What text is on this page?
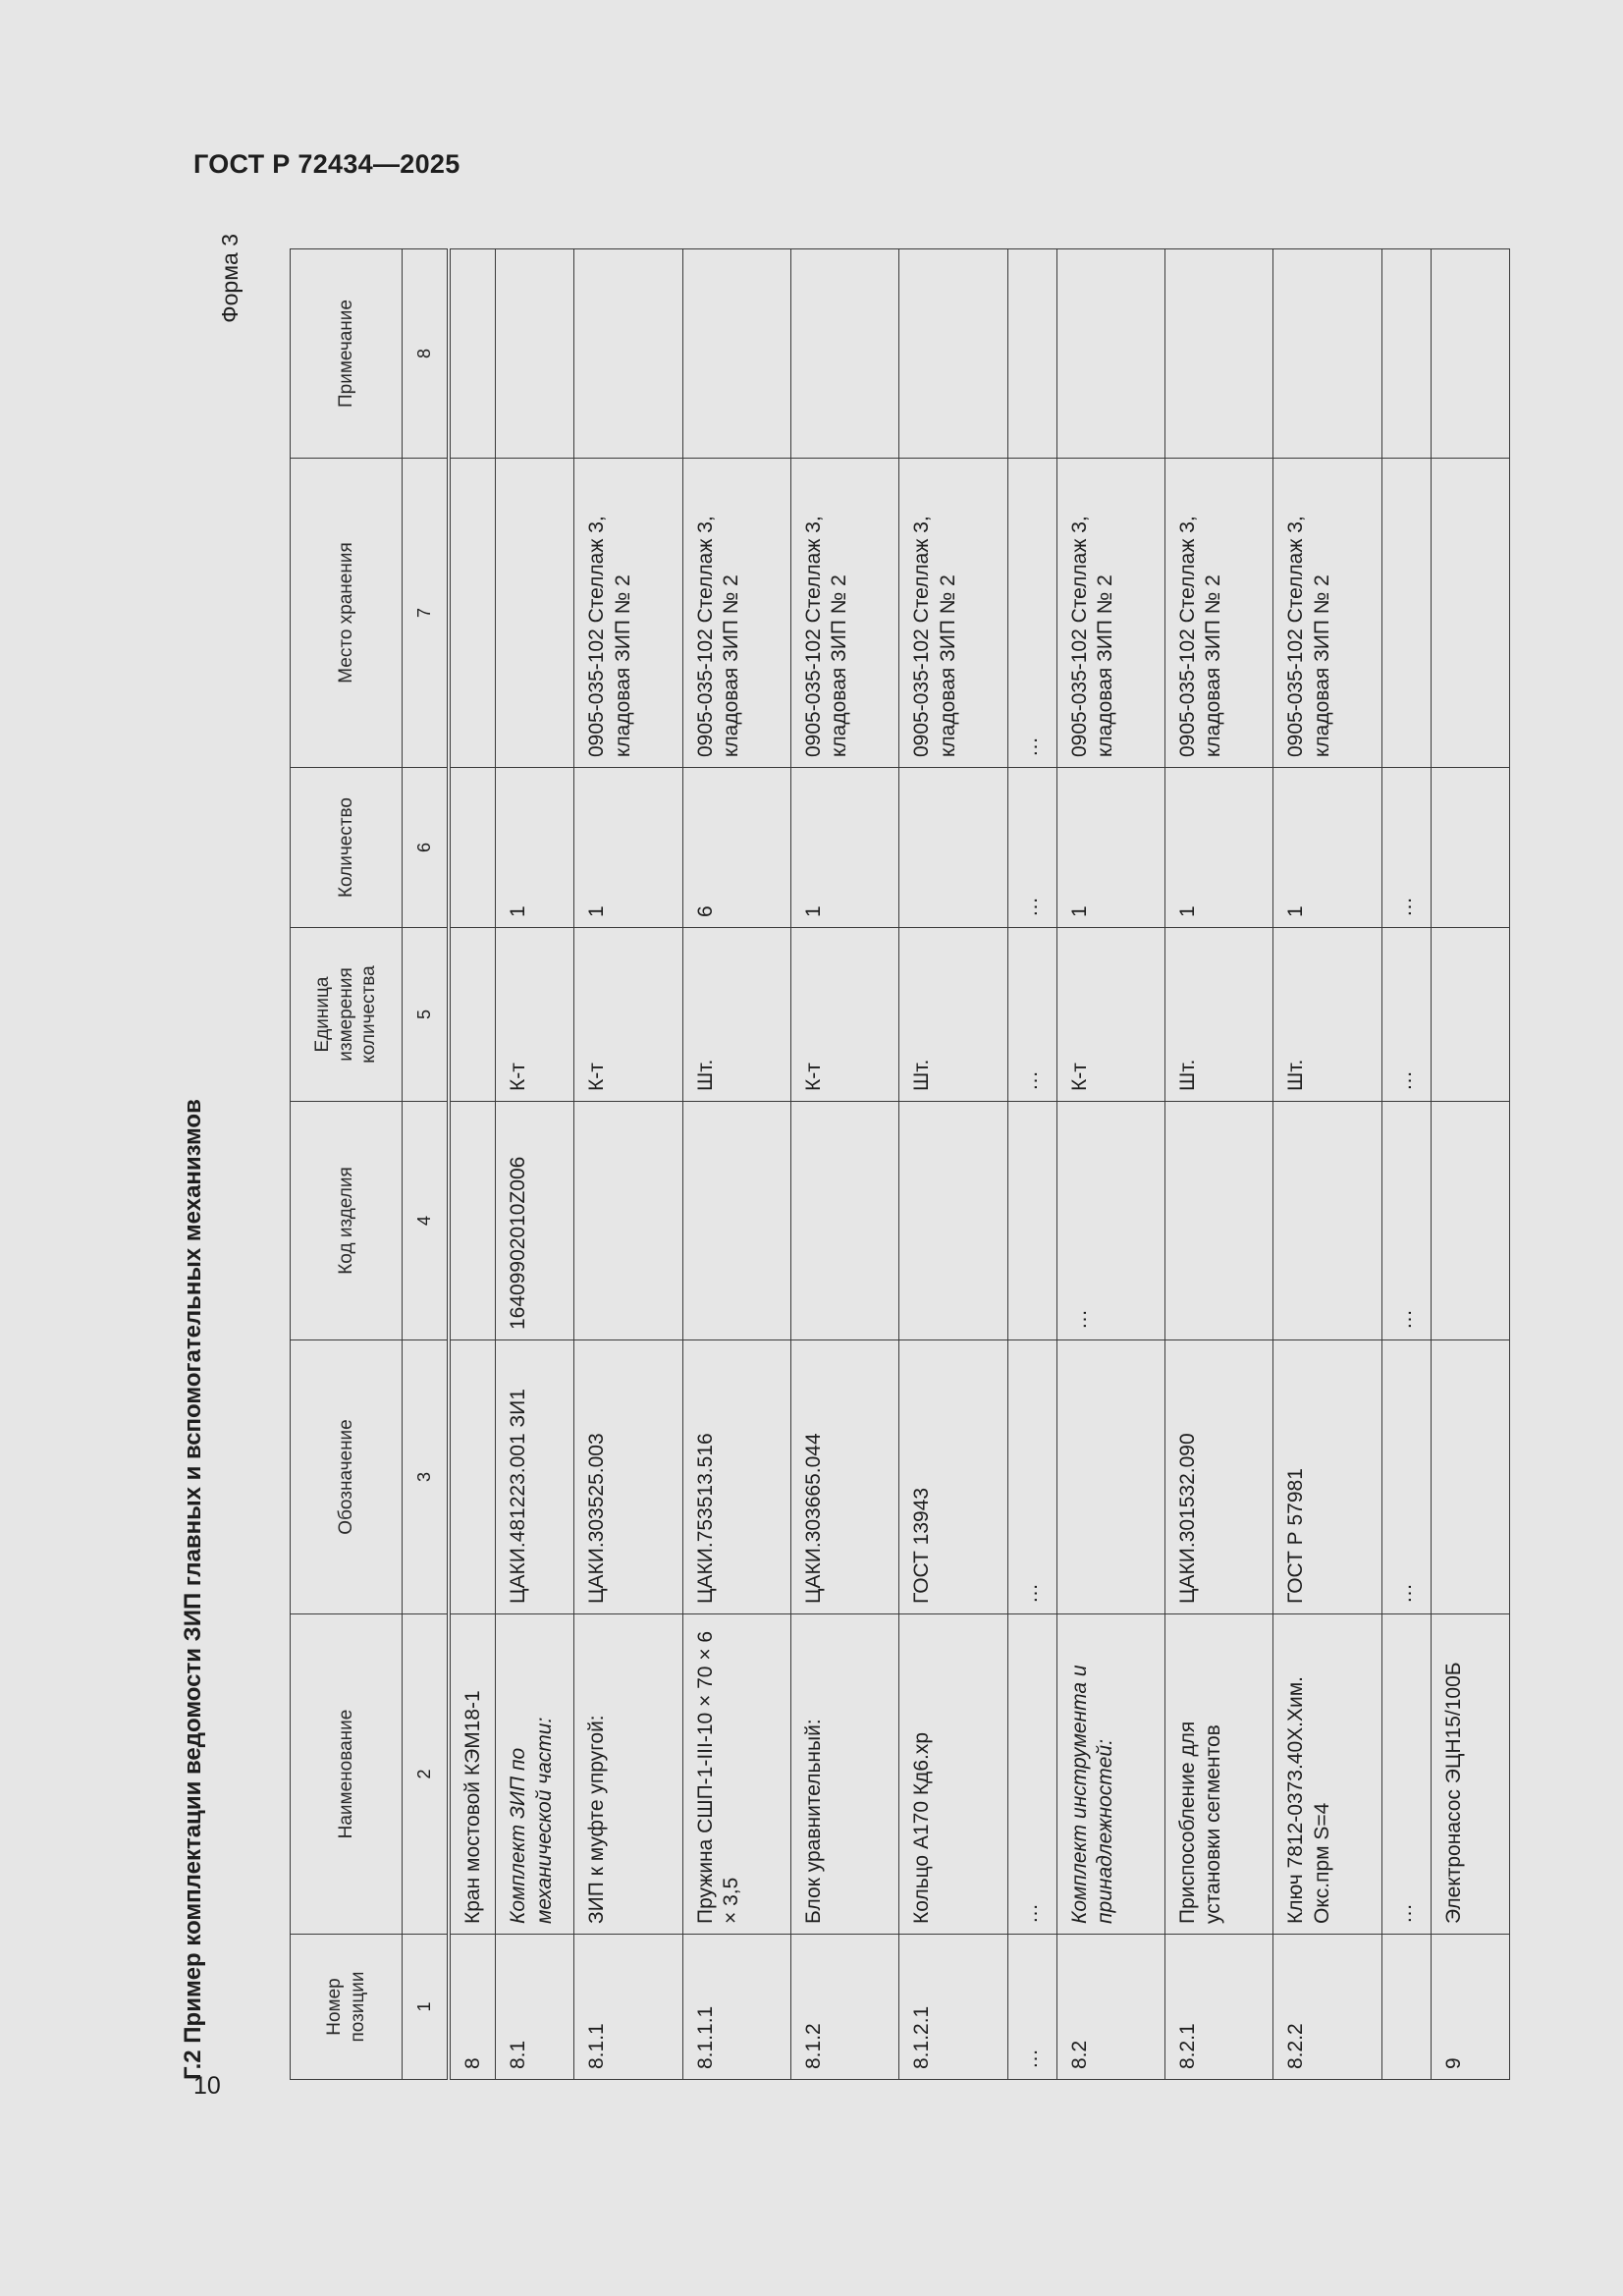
ГОСТ Р 72434—2025
10
Г.2 Пример комплектации ведомости ЗИП главных и вспомогательных механизмов
Форма 3
Номер позиции	Наименование	Обозначение	Код изделия	Единица измерения количества	Количество	Место хранения	Примечание
1	2	3	4	5	6	7	8
8	Кран мостовой КЭМ18-1						
8.1	Комплект ЗИП по механической части:	ЦАКИ.481223.001 ЗИ1	16409902010Z006	К-т	1		
8.1.1	ЗИП к муфте упругой:	ЦАКИ.303525.003		К-т	1	0905-035-102 Стеллаж 3, кладовая ЗИП № 2	
8.1.1.1	Пружина СШП-1-III-10 × 70 × 6 × 3,5	ЦАКИ.753513.516		Шт.	6	0905-035-102 Стеллаж 3, кладовая ЗИП № 2	
8.1.2	Блок уравнительный:	ЦАКИ.303665.044		К-т	1	0905-035-102 Стеллаж 3, кладовая ЗИП № 2	
8.1.2.1	Кольцо А170 Кд6.хр	ГОСТ 13943		Шт.		0905-035-102 Стеллаж 3, кладовая ЗИП № 2	
…	…	…		…	…	…	
8.2	Комплект инструмента и принадлежностей:		…	К-т	1	0905-035-102 Стеллаж 3, кладовая ЗИП № 2	
8.2.1	Приспособление для установки сегментов	ЦАКИ.301532.090		Шт.	1	0905-035-102 Стеллаж 3, кладовая ЗИП № 2	
8.2.2	Ключ 7812-0373.40Х.Хим. Окс.прм S=4	ГОСТ Р 57981		Шт.	1	0905-035-102 Стеллаж 3, кладовая ЗИП № 2	
	…	…	…	…	…		
9	Электронасос ЭЦН15/100Б						
